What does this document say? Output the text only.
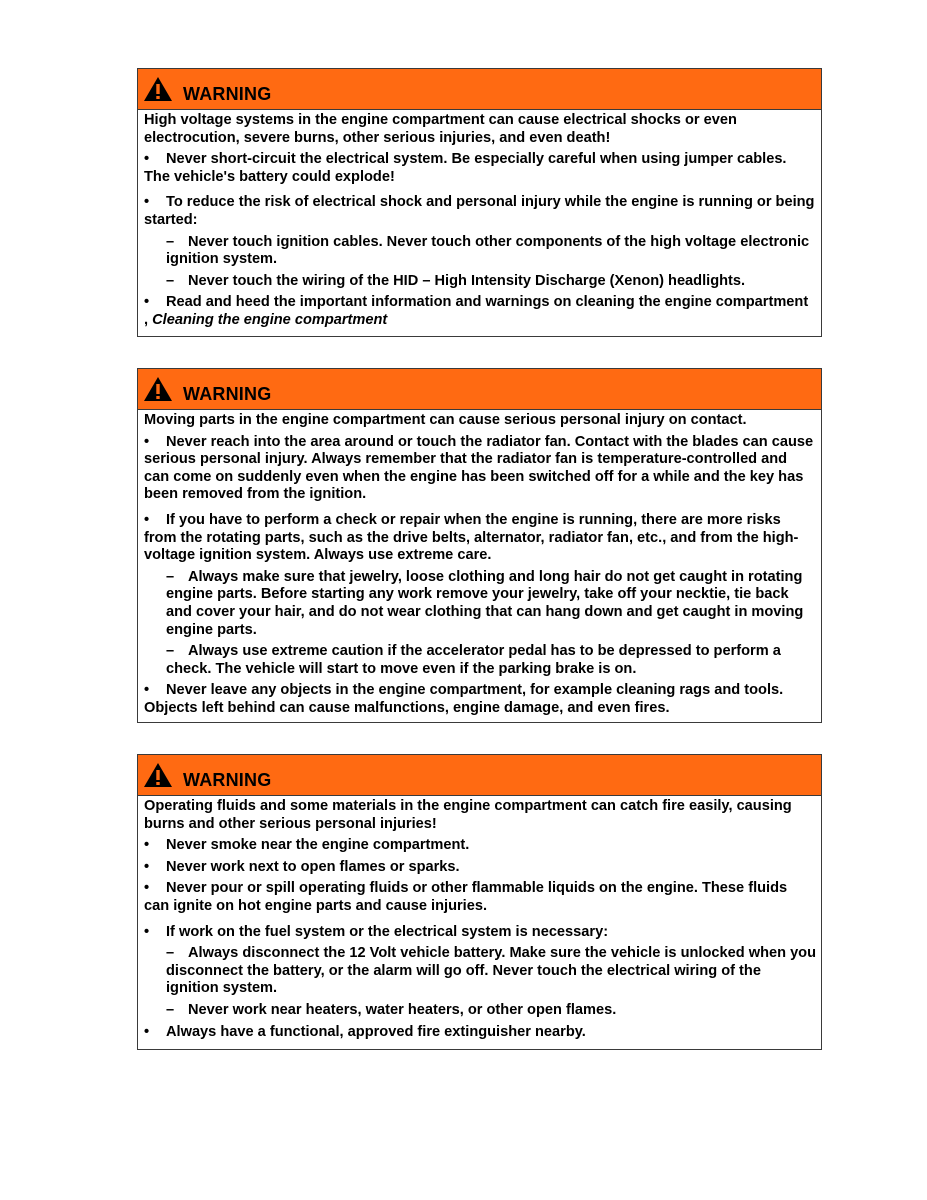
WARNING
High voltage systems in the engine compartment can cause electrical shocks or even electrocution, severe burns, other serious injuries, and even death!
• Never short-circuit the electrical system. Be especially careful when using jumper cables. The vehicle's battery could explode!
• To reduce the risk of electrical shock and personal injury while the engine is running or being started:
– Never touch ignition cables. Never touch other components of the high voltage electronic ignition system.
– Never touch the wiring of the HID – High Intensity Discharge (Xenon) headlights.
• Read and heed the important information and warnings on cleaning the engine compartment , Cleaning the engine compartment
WARNING
Moving parts in the engine compartment can cause serious personal injury on contact.
• Never reach into the area around or touch the radiator fan. Contact with the blades can cause serious personal injury. Always remember that the radiator fan is temperature-controlled and can come on suddenly even when the engine has been switched off for a while and the key has been removed from the ignition.
• If you have to perform a check or repair when the engine is running, there are more risks from the rotating parts, such as the drive belts, alternator, radiator fan, etc., and from the high-voltage ignition system. Always use extreme care.
– Always make sure that jewelry, loose clothing and long hair do not get caught in rotating engine parts. Before starting any work remove your jewelry, take off your necktie, tie back and cover your hair, and do not wear clothing that can hang down and get caught in moving engine parts.
– Always use extreme caution if the accelerator pedal has to be depressed to perform a check. The vehicle will start to move even if the parking brake is on.
• Never leave any objects in the engine compartment, for example cleaning rags and tools. Objects left behind can cause malfunctions, engine damage, and even fires.
WARNING
Operating fluids and some materials in the engine compartment can catch fire easily, causing burns and other serious personal injuries!
• Never smoke near the engine compartment.
• Never work next to open flames or sparks.
• Never pour or spill operating fluids or other flammable liquids on the engine. These fluids can ignite on hot engine parts and cause injuries.
• If work on the fuel system or the electrical system is necessary:
– Always disconnect the 12 Volt vehicle battery. Make sure the vehicle is unlocked when you disconnect the battery, or the alarm will go off. Never touch the electrical wiring of the ignition system.
– Never work near heaters, water heaters, or other open flames.
• Always have a functional, approved fire extinguisher nearby.
